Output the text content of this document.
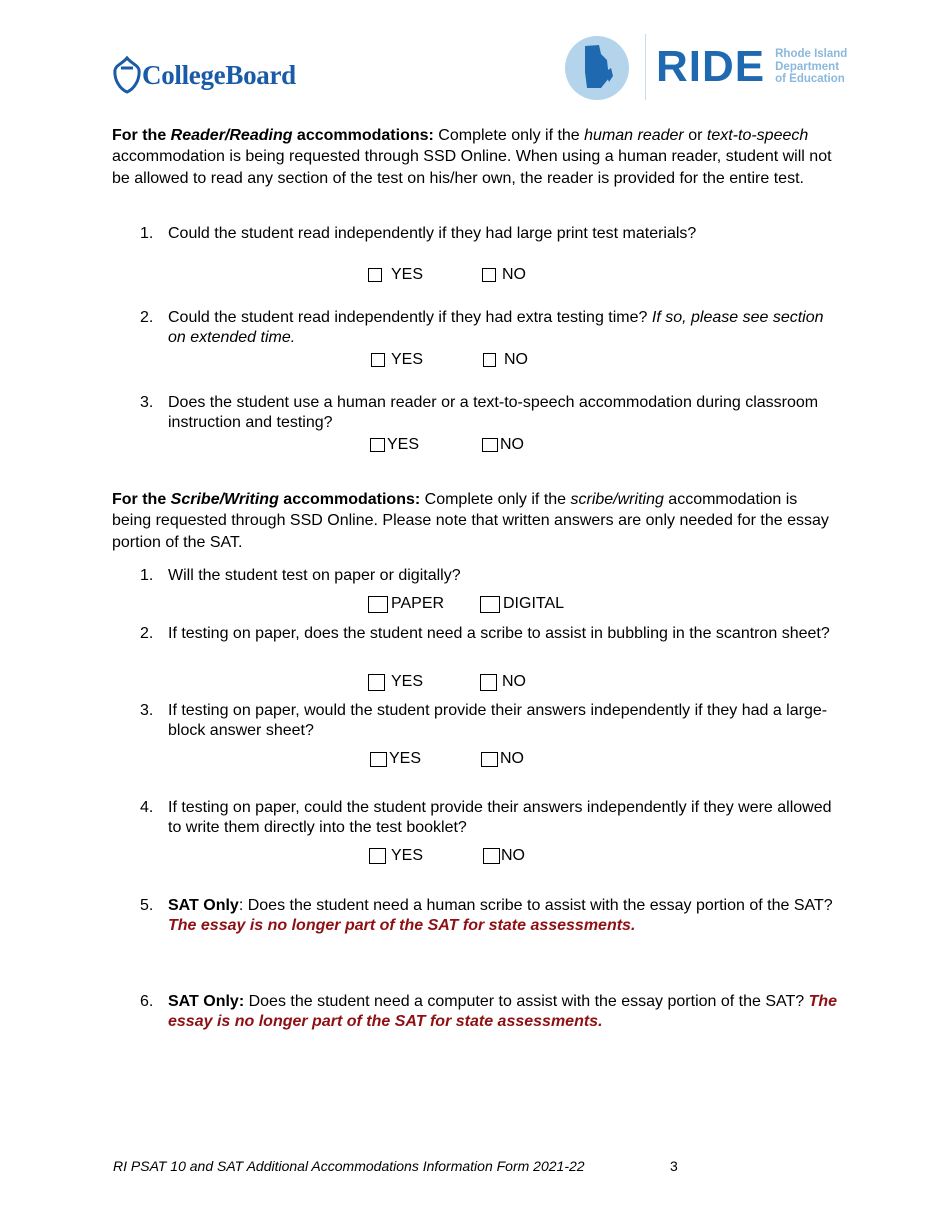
CollegeBoard	RIDE Rhode Island
Department
of Education

For the Reader/Reading accommodations: Complete only if the human reader or text-to-speech accommodation is being requested through SSD Online. When using a human reader, student will not be allowed to read any section of the test on his/her own, the reader is provided for the entire test.

1. Could the student read independently if they had large print test materials?
YES	NO
2. Could the student read independently if they had extra testing time? If so, please see section on extended time.
YES	NO
3. Does the student use a human reader or a text-to-speech accommodation during classroom instruction and testing?
YES	NO

For the Scribe/Writing accommodations: Complete only if the scribe/writing accommodation is being requested through SSD Online. Please note that written answers are only needed for the essay portion of the SAT.

1. Will the student test on paper or digitally?
PAPER	DIGITAL
2. If testing on paper, does the student need a scribe to assist in bubbling in the scantron sheet?
YES	NO
3. If testing on paper, would the student provide their answers independently if they had a large-block answer sheet?
YES	NO
4. If testing on paper, could the student provide their answers independently if they were allowed to write them directly into the test booklet?
YES	NO
5. SAT Only: Does the student need a human scribe to assist with the essay portion of the SAT? The essay is no longer part of the SAT for state assessments.
6. SAT Only: Does the student need a computer to assist with the essay portion of the SAT? The essay is no longer part of the SAT for state assessments.
RI PSAT 10 and SAT Additional Accommodations Information Form 2021-22	3
